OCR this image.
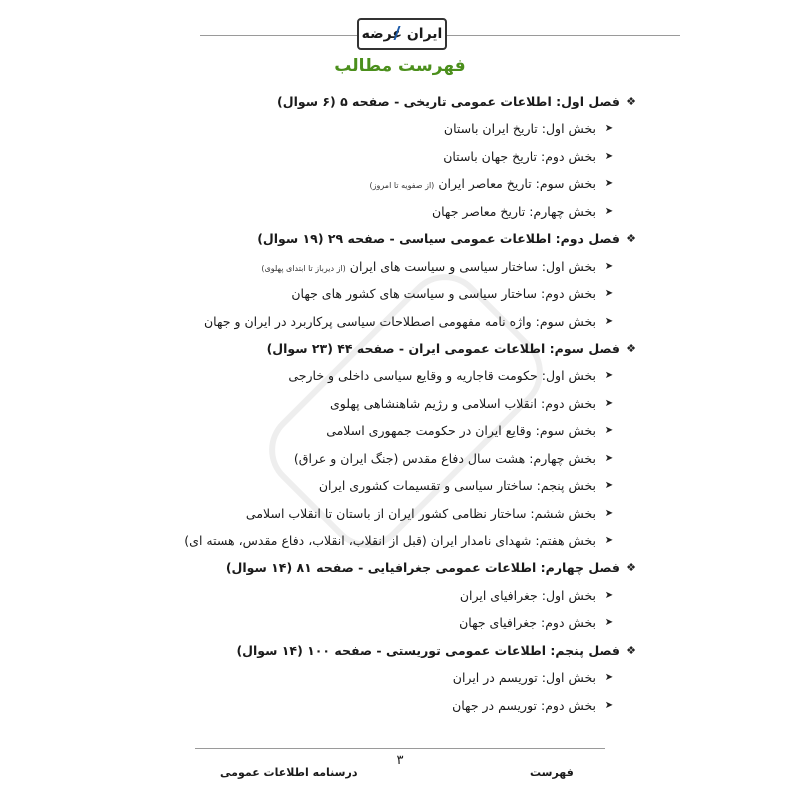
ایران عرضه
فهرست مطالب
❖
فصل اول: اطلاعات عمومی تاریخی - صفحه ۵ (۶ سوال)
➤
بخش اول: تاریخ ایران باستان
➤
بخش دوم: تاریخ جهان باستان
➤
بخش سوم: تاریخ معاصر ایران(از صفویه تا امروز)
➤
بخش چهارم: تاریخ معاصر جهان
❖
فصل دوم: اطلاعات عمومی سیاسی - صفحه ۲۹ (۱۹ سوال)
➤
بخش اول: ساختار سیاسی و سیاست های ایران(از دیرباز تا ابتدای پهلوی)
➤
بخش دوم: ساختار سیاسی و سیاست های کشور های جهان
➤
بخش سوم: واژه نامه مفهومی اصطلاحات سیاسی پرکاربرد در ایران و جهان
❖
فصل سوم: اطلاعات عمومی ایران - صفحه ۴۴ (۲۳ سوال)
➤
بخش اول: حکومت قاجاریه و وقایع سیاسی داخلی و خارجی
➤
بخش دوم: انقلاب اسلامی و رژیم شاهنشاهی پهلوی
➤
بخش سوم: وقایع ایران در حکومت جمهوری اسلامی
➤
بخش چهارم: هشت سال دفاع مقدس (جنگ ایران و عراق)
➤
بخش پنجم: ساختار سیاسی و تقسیمات کشوری ایران
➤
بخش ششم: ساختار نظامی کشور ایران از باستان تا انقلاب اسلامی
➤
بخش هفتم: شهدای نامدار ایران (قبل از انقلاب، انقلاب، دفاع مقدس، هسته ای)
❖
فصل چهارم: اطلاعات عمومی جغرافیایی - صفحه ۸۱ (۱۴ سوال)
➤
بخش اول: جغرافیای ایران
➤
بخش دوم: جغرافیای جهان
❖
فصل پنجم: اطلاعات عمومی توریستی - صفحه ۱۰۰ (۱۴ سوال)
➤
بخش اول: توریسم در ایران
➤
بخش دوم: توریسم در جهان
درسنامه اطلاعات عمومی
۳
فهرست
